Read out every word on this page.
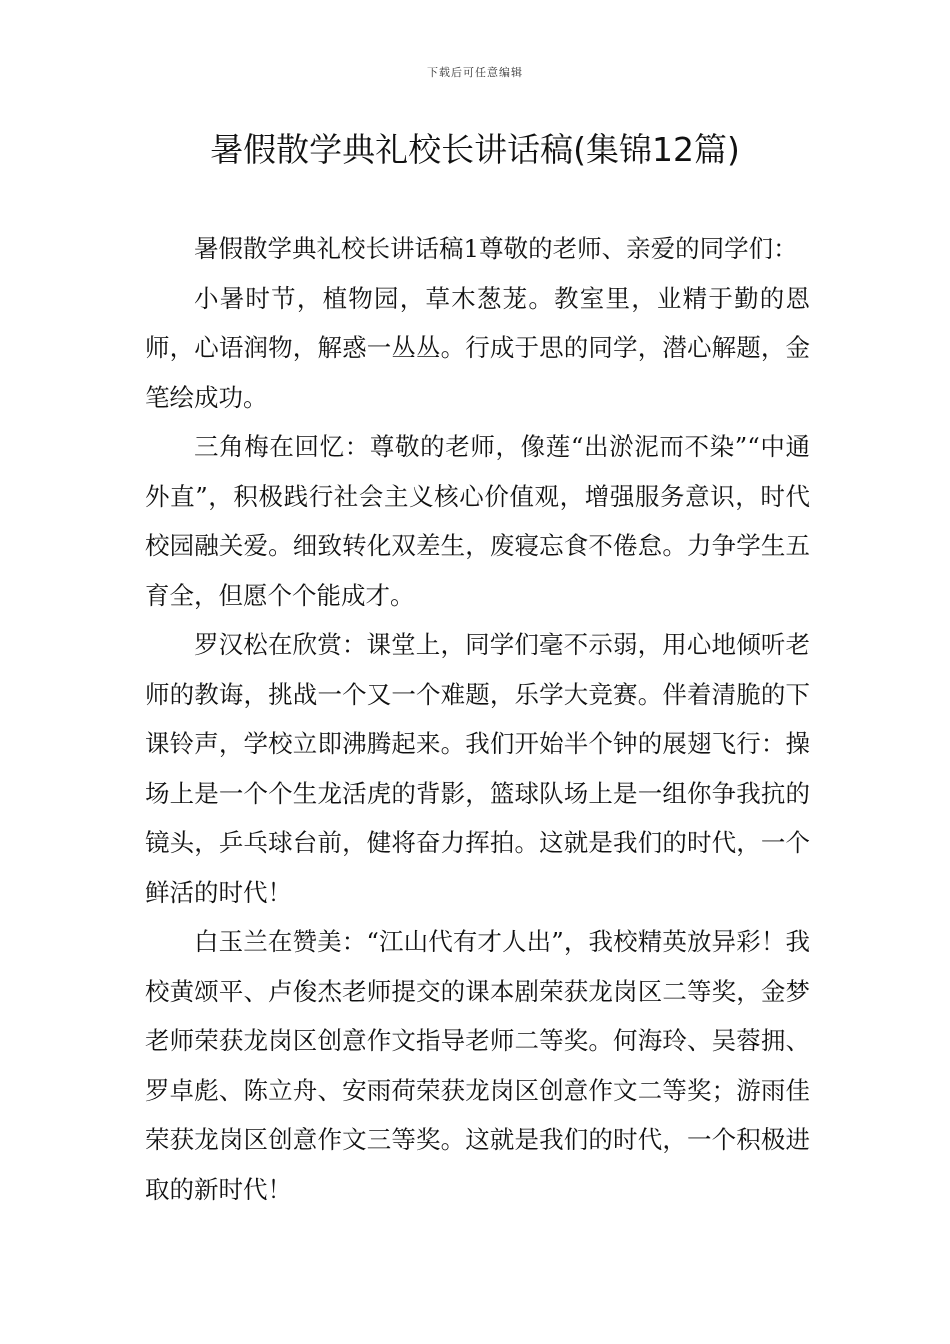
下载后可任意编辑
暑假散学典礼校长讲话稿(集锦12篇)

暑假散学典礼校长讲话稿1尊敬的老师、亲爱的同学们：

小暑时节，植物园，草木葱茏。教室里，业精于勤的恩师，心语润物，解惑一丛丛。行成于思的同学，潜心解题，金笔绘成功。

三角梅在回忆：尊敬的老师，像莲“出淤泥而不染”“中通外直”，积极践行社会主义核心价值观，增强服务意识，时代校园融关爱。细致转化双差生，废寝忘食不倦怠。力争学生五育全，但愿个个能成才。

罗汉松在欣赏：课堂上，同学们毫不示弱，用心地倾听老师的教诲，挑战一个又一个难题，乐学大竞赛。伴着清脆的下课铃声，学校立即沸腾起来。我们开始半个钟的展翅飞行：操场上是一个个生龙活虎的背影，篮球队场上是一组你争我抗的镜头，乒乓球台前，健将奋力挥拍。这就是我们的时代，一个鲜活的时代！

白玉兰在赞美：“江山代有才人出”，我校精英放异彩！我校黄颂平、卢俊杰老师提交的课本剧荣获龙岗区二等奖，金梦老师荣获龙岗区创意作文指导老师二等奖。何海玲、吴蓉拥、罗卓彪、陈立舟、安雨荷荣获龙岗区创意作文二等奖；游雨佳荣获龙岗区创意作文三等奖。这就是我们的时代，一个积极进取的新时代！
